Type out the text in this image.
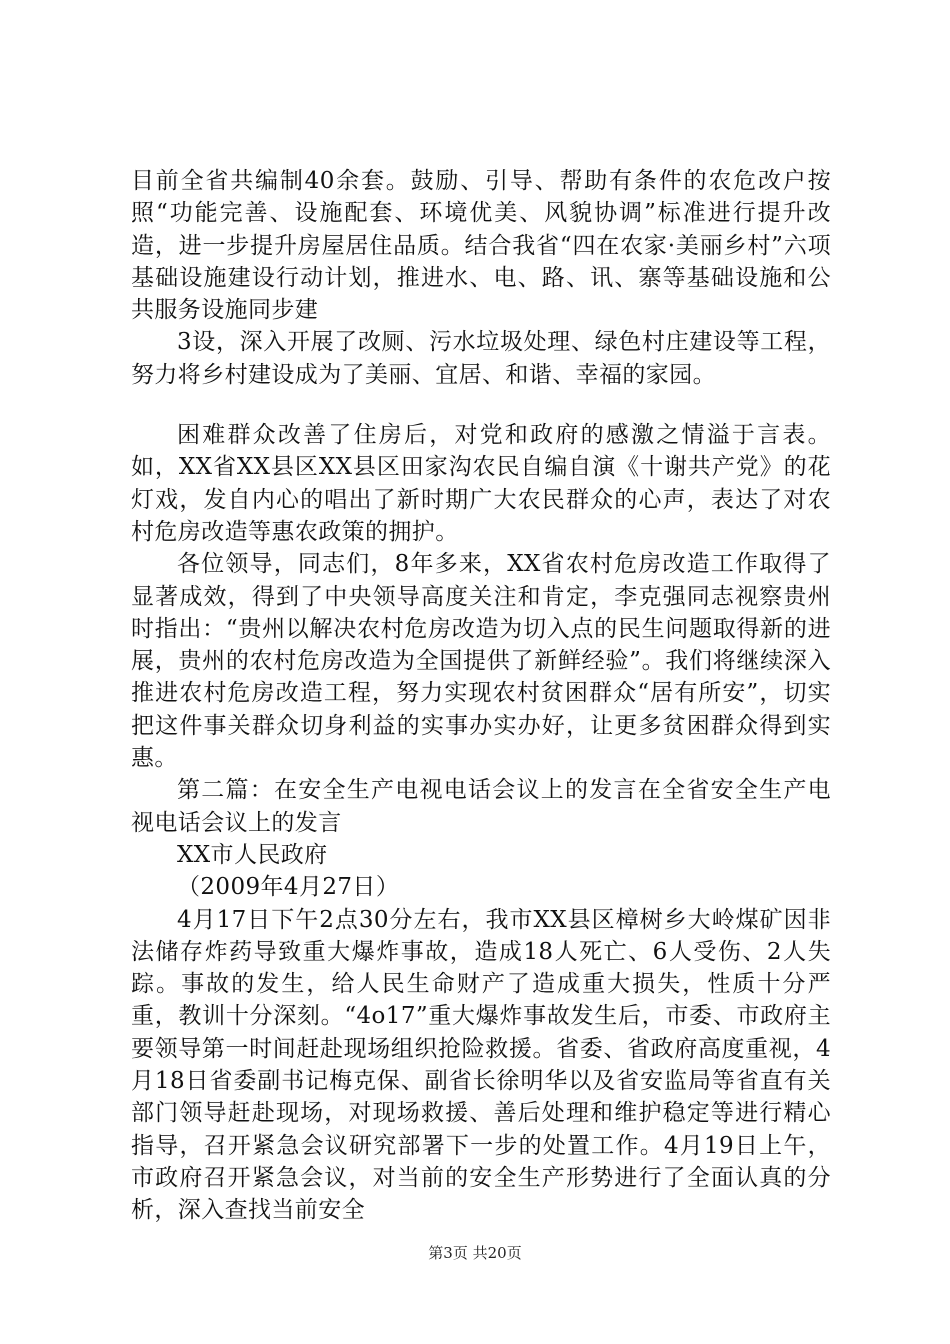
目前全省共编制40余套。鼓励、引导、帮助有条件的农危改户按照“功能完善、设施配套、环境优美、风貌协调”标准进行提升改造，进一步提升房屋居住品质。结合我省“四在农家·美丽乡村”六项基础设施建设行动计划，推进水、电、路、讯、寨等基础设施和公共服务设施同步建

3设，深入开展了改厕、污水垃圾处理、绿色村庄建设等工程，努力将乡村建设成为了美丽、宜居、和谐、幸福的家园。

困难群众改善了住房后，对党和政府的感激之情溢于言表。如，XX省XX县区XX县区田家沟农民自编自演《十谢共产党》的花灯戏，发自内心的唱出了新时期广大农民群众的心声，表达了对农村危房改造等惠农政策的拥护。

各位领导，同志们，8年多来，XX省农村危房改造工作取得了显著成效，得到了中央领导高度关注和肯定，李克强同志视察贵州时指出：“贵州以解决农村危房改造为切入点的民生问题取得新的进展，贵州的农村危房改造为全国提供了新鲜经验”。我们将继续深入推进农村危房改造工程，努力实现农村贫困群众“居有所安”，切实把这件事关群众切身利益的实事办实办好，让更多贫困群众得到实惠。

第二篇：在安全生产电视电话会议上的发言在全省安全生产电视电话会议上的发言

XX市人民政府

（2009年4月27日）

4月17日下午2点30分左右，我市XX县区樟树乡大岭煤矿因非法储存炸药导致重大爆炸事故，造成18人死亡、6人受伤、2人失踪。事故的发生，给人民生命财产了造成重大损失，性质十分严重，教训十分深刻。“4o17”重大爆炸事故发生后，市委、市政府主要领导第一时间赶赴现场组织抢险救援。省委、省政府高度重视，4月18日省委副书记梅克保、副省长徐明华以及省安监局等省直有关部门领导赶赴现场，对现场救援、善后处理和维护稳定等进行精心指导，召开紧急会议研究部署下一步的处置工作。4月19日上午，市政府召开紧急会议，对当前的安全生产形势进行了全面认真的分析，深入查找当前安全

第3页 共20页
